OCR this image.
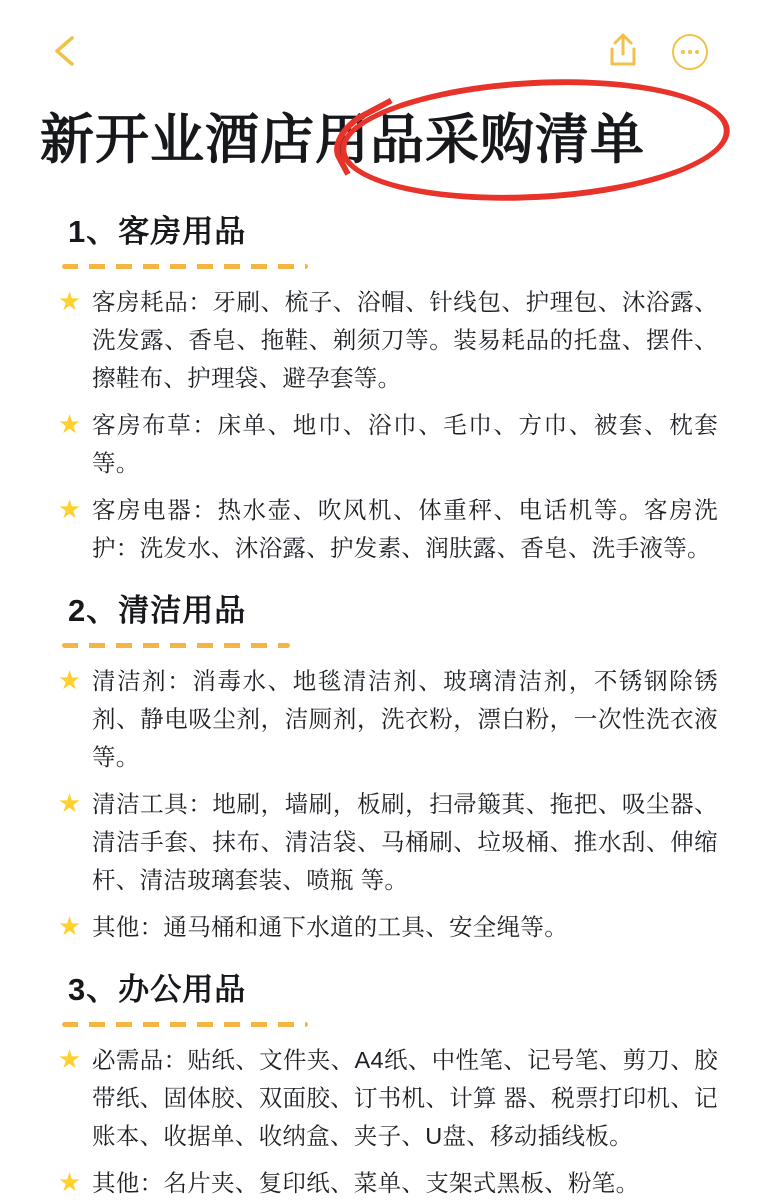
新开业酒店用品采购清单
1、客房用品
★ 客房耗品：牙刷、梳子、浴帽、针线包、护理包、沐浴露、洗发露、香皂、拖鞋、剃须刀等。装易耗品的托盘、摆件、擦鞋布、护理袋、避孕套等。
★ 客房布草：床单、地巾、浴巾、毛巾、方巾、被套、枕套等。
★ 客房电器：热水壶、吹风机、体重秤、电话机等。客房洗护：洗发水、沐浴露、护发素、润肤露、香皂、洗手液等。
2、清洁用品
★ 清洁剂：消毒水、地毯清洁剂、玻璃清洁剂，不锈钢除锈剂、静电吸尘剂，洁厕剂，洗衣粉，漂白粉，一次性洗衣液等。
★ 清洁工具：地刷，墙刷，板刷，扫帚簸萁、拖把、吸尘器、清洁手套、抹布、清洁袋、马桶刷、垃圾桶、推水刮、伸缩杆、清洁玻璃套装、喷瓶 等。
★ 其他：通马桶和通下水道的工具、安全绳等。
3、办公用品
★ 必需品：贴纸、文件夹、A4纸、中性笔、记号笔、剪刀、胶带纸、固体胶、双面胶、订书机、计算 器、税票打印机、记账本、收据单、收纳盒、夹子、U盘、移动插线板。
★ 其他：名片夹、复印纸、菜单、支架式黑板、粉笔。
